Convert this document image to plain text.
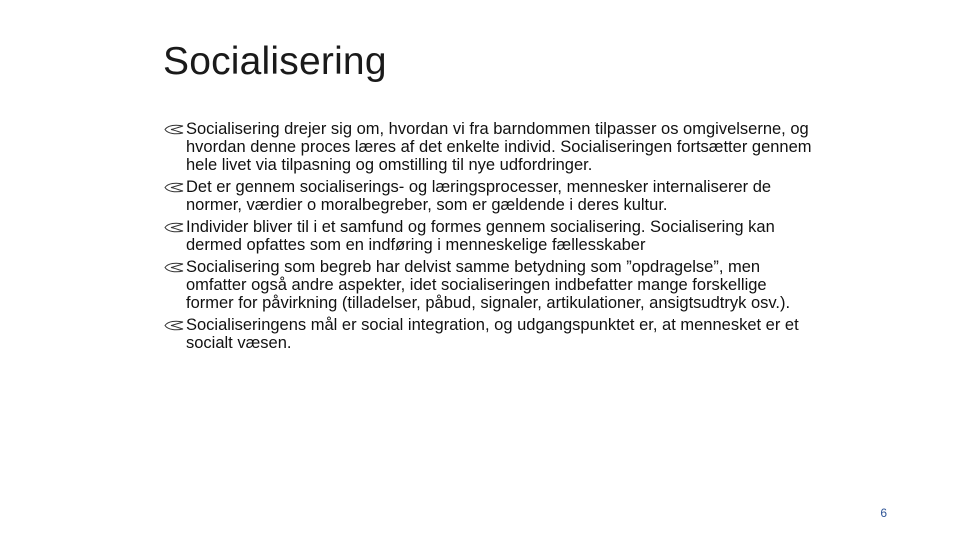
Socialisering
Socialisering drejer sig om, hvordan vi fra barndommen tilpasser os omgivelserne, og hvordan denne proces læres af det enkelte individ. Socialiseringen fortsætter gennem hele livet via tilpasning og omstilling til nye udfordringer.
Det er gennem socialiserings- og læringsprocesser, mennesker internaliserer de normer, værdier o moralbegreber, som er gældende i deres kultur.
Individer bliver til i et samfund og formes gennem socialisering. Socialisering kan dermed opfattes som en indføring i menneskelige fællesskaber
Socialisering som begreb har delvist samme betydning som ”opdragelse”, men omfatter også andre aspekter, idet socialiseringen indbefatter mange forskellige former for påvirkning (tilladelser, påbud, signaler, artikulationer, ansigtsudtryk osv.).
Socialiseringens mål er social integration, og udgangspunktet er, at mennesket er et socialt væsen.
6
